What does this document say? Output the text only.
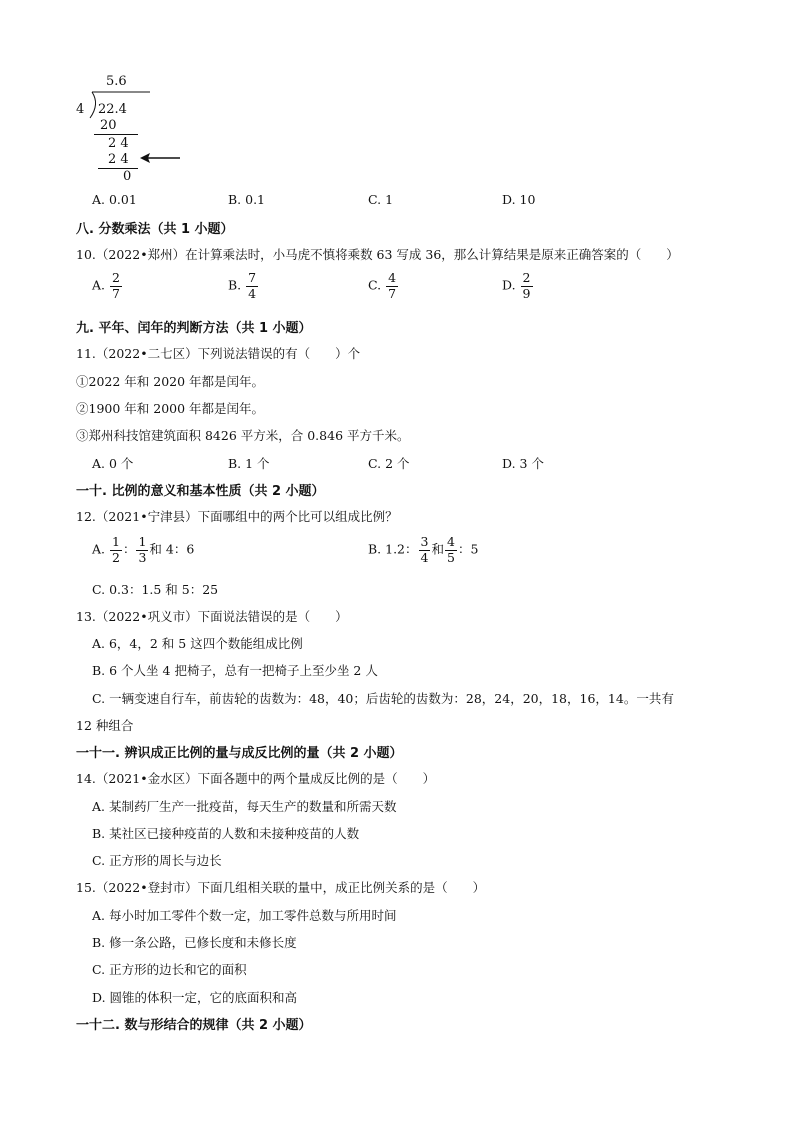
5.6
4 22.4
20
2 4
2 4
0
A. 0.01	B. 0.1	C. 1	D. 10
八. 分数乘法（共 1 小题）
10.（2022•郑州）在计算乘法时，小马虎不慎将乘数 63 写成 36，那么计算结果是原来正确答案的（　　）
A. $\frac{2}{7}$	B. $\frac{7}{4}$	C. $\frac{4}{7}$	D. $\frac{2}{9}$
九. 平年、闰年的判断方法（共 1 小题）
11.（2022•二七区）下列说法错误的有（　　）个
①2022 年和 2020 年都是闰年。
②1900 年和 2000 年都是闰年。
③郑州科技馆建筑面积 8426 平方米，合 0.846 平方千米。
A. 0 个	B. 1 个	C. 2 个	D. 3 个
一十. 比例的意义和基本性质（共 2 小题）
12.（2021•宁津县）下面哪组中的两个比可以组成比例？
A. $\frac{1}{2}$ ： $\frac{1}{3}$ 和 4：6	B. 1.2： $\frac{3}{4}$ 和 $\frac{4}{5}$ ：5
C. 0.3：1.5 和 5：25
13.（2022•巩义市）下面说法错误的是（　　）
A. 6，4，2 和 5 这四个数能组成比例
B. 6 个人坐 4 把椅子，总有一把椅子上至少坐 2 人
C. 一辆变速自行车，前齿轮的齿数为：48，40；后齿轮的齿数为：28，24，20，18，16，14。一共有
12 种组合
一十一. 辨识成正比例的量与成反比例的量（共 2 小题）
14.（2021•金水区）下面各题中的两个量成反比例的是（　　）
A. 某制药厂生产一批疫苗，每天生产的数量和所需天数
B. 某社区已接种疫苗的人数和未接种疫苗的人数
C. 正方形的周长与边长
15.（2022•登封市）下面几组相关联的量中，成正比例关系的是（　　）
A. 每小时加工零件个数一定，加工零件总数与所用时间
B. 修一条公路，已修长度和未修长度
C. 正方形的边长和它的面积
D. 圆锥的体积一定，它的底面积和高
一十二. 数与形结合的规律（共 2 小题）
